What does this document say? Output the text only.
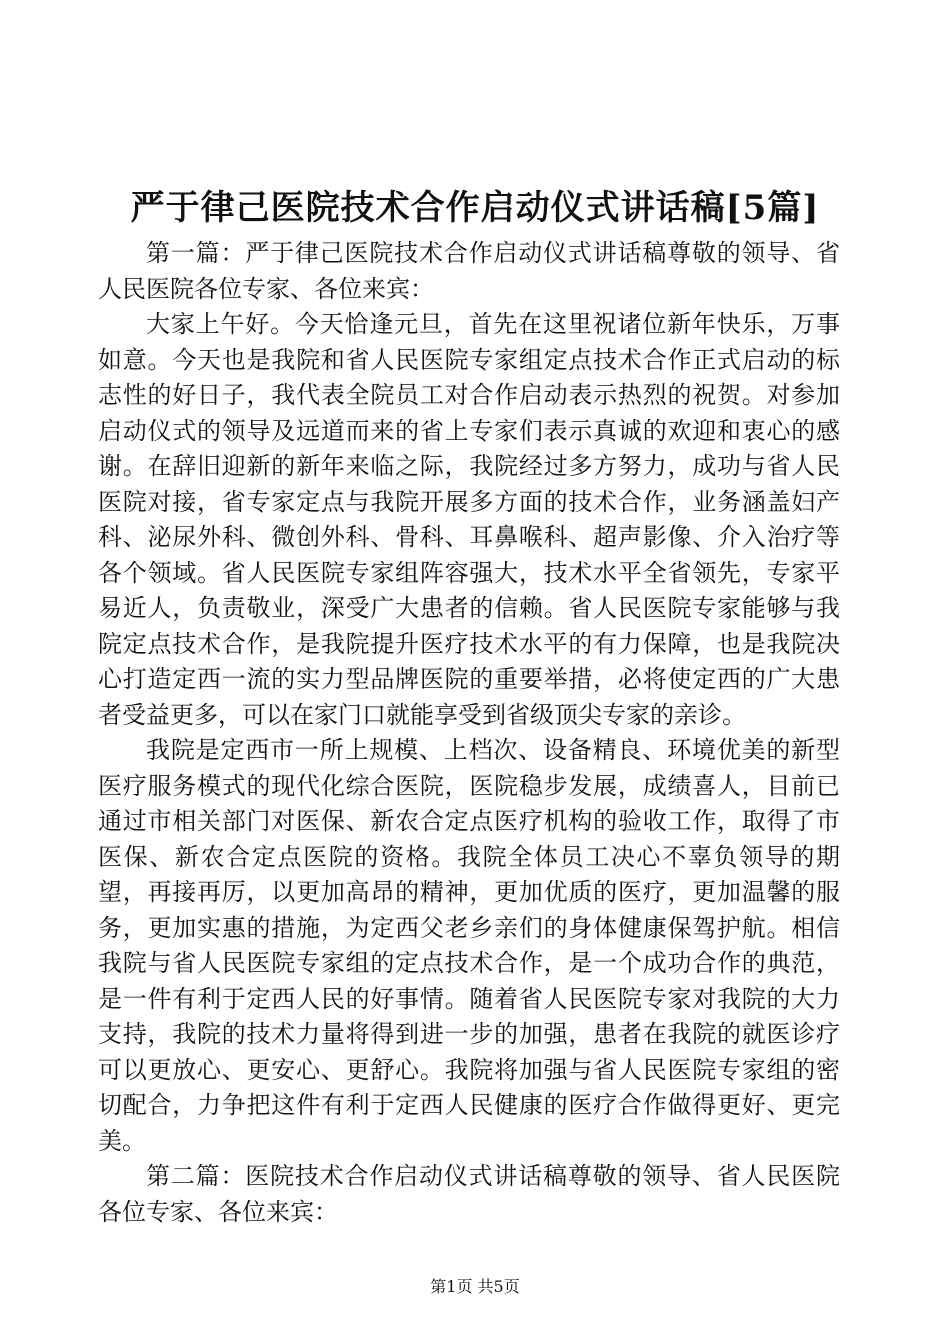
严于律己医院技术合作启动仪式讲话稿[5篇]

第一篇：严于律己医院技术合作启动仪式讲话稿尊敬的领导、省人民医院各位专家、各位来宾：

大家上午好。今天恰逢元旦，首先在这里祝诸位新年快乐，万事如意。今天也是我院和省人民医院专家组定点技术合作正式启动的标志性的好日子，我代表全院员工对合作启动表示热烈的祝贺。对参加启动仪式的领导及远道而来的省上专家们表示真诚的欢迎和衷心的感谢。在辞旧迎新的新年来临之际，我院经过多方努力，成功与省人民医院对接，省专家定点与我院开展多方面的技术合作，业务涵盖妇产科、泌尿外科、微创外科、骨科、耳鼻喉科、超声影像、介入治疗等各个领域。省人民医院专家组阵容强大，技术水平全省领先，专家平易近人，负责敬业，深受广大患者的信赖。省人民医院专家能够与我院定点技术合作，是我院提升医疗技术水平的有力保障，也是我院决心打造定西一流的实力型品牌医院的重要举措，必将使定西的广大患者受益更多，可以在家门口就能享受到省级顶尖专家的亲诊。

我院是定西市一所上规模、上档次、设备精良、环境优美的新型医疗服务模式的现代化综合医院，医院稳步发展，成绩喜人，目前已通过市相关部门对医保、新农合定点医疗机构的验收工作，取得了市医保、新农合定点医院的资格。我院全体员工决心不辜负领导的期望，再接再厉，以更加高昂的精神，更加优质的医疗，更加温馨的服务，更加实惠的措施，为定西父老乡亲们的身体健康保驾护航。相信我院与省人民医院专家组的定点技术合作，是一个成功合作的典范，是一件有利于定西人民的好事情。随着省人民医院专家对我院的大力支持，我院的技术力量将得到进一步的加强，患者在我院的就医诊疗可以更放心、更安心、更舒心。我院将加强与省人民医院专家组的密切配合，力争把这件有利于定西人民健康的医疗合作做得更好、更完美。

第二篇：医院技术合作启动仪式讲话稿尊敬的领导、省人民医院各位专家、各位来宾：

第1页 共5页
